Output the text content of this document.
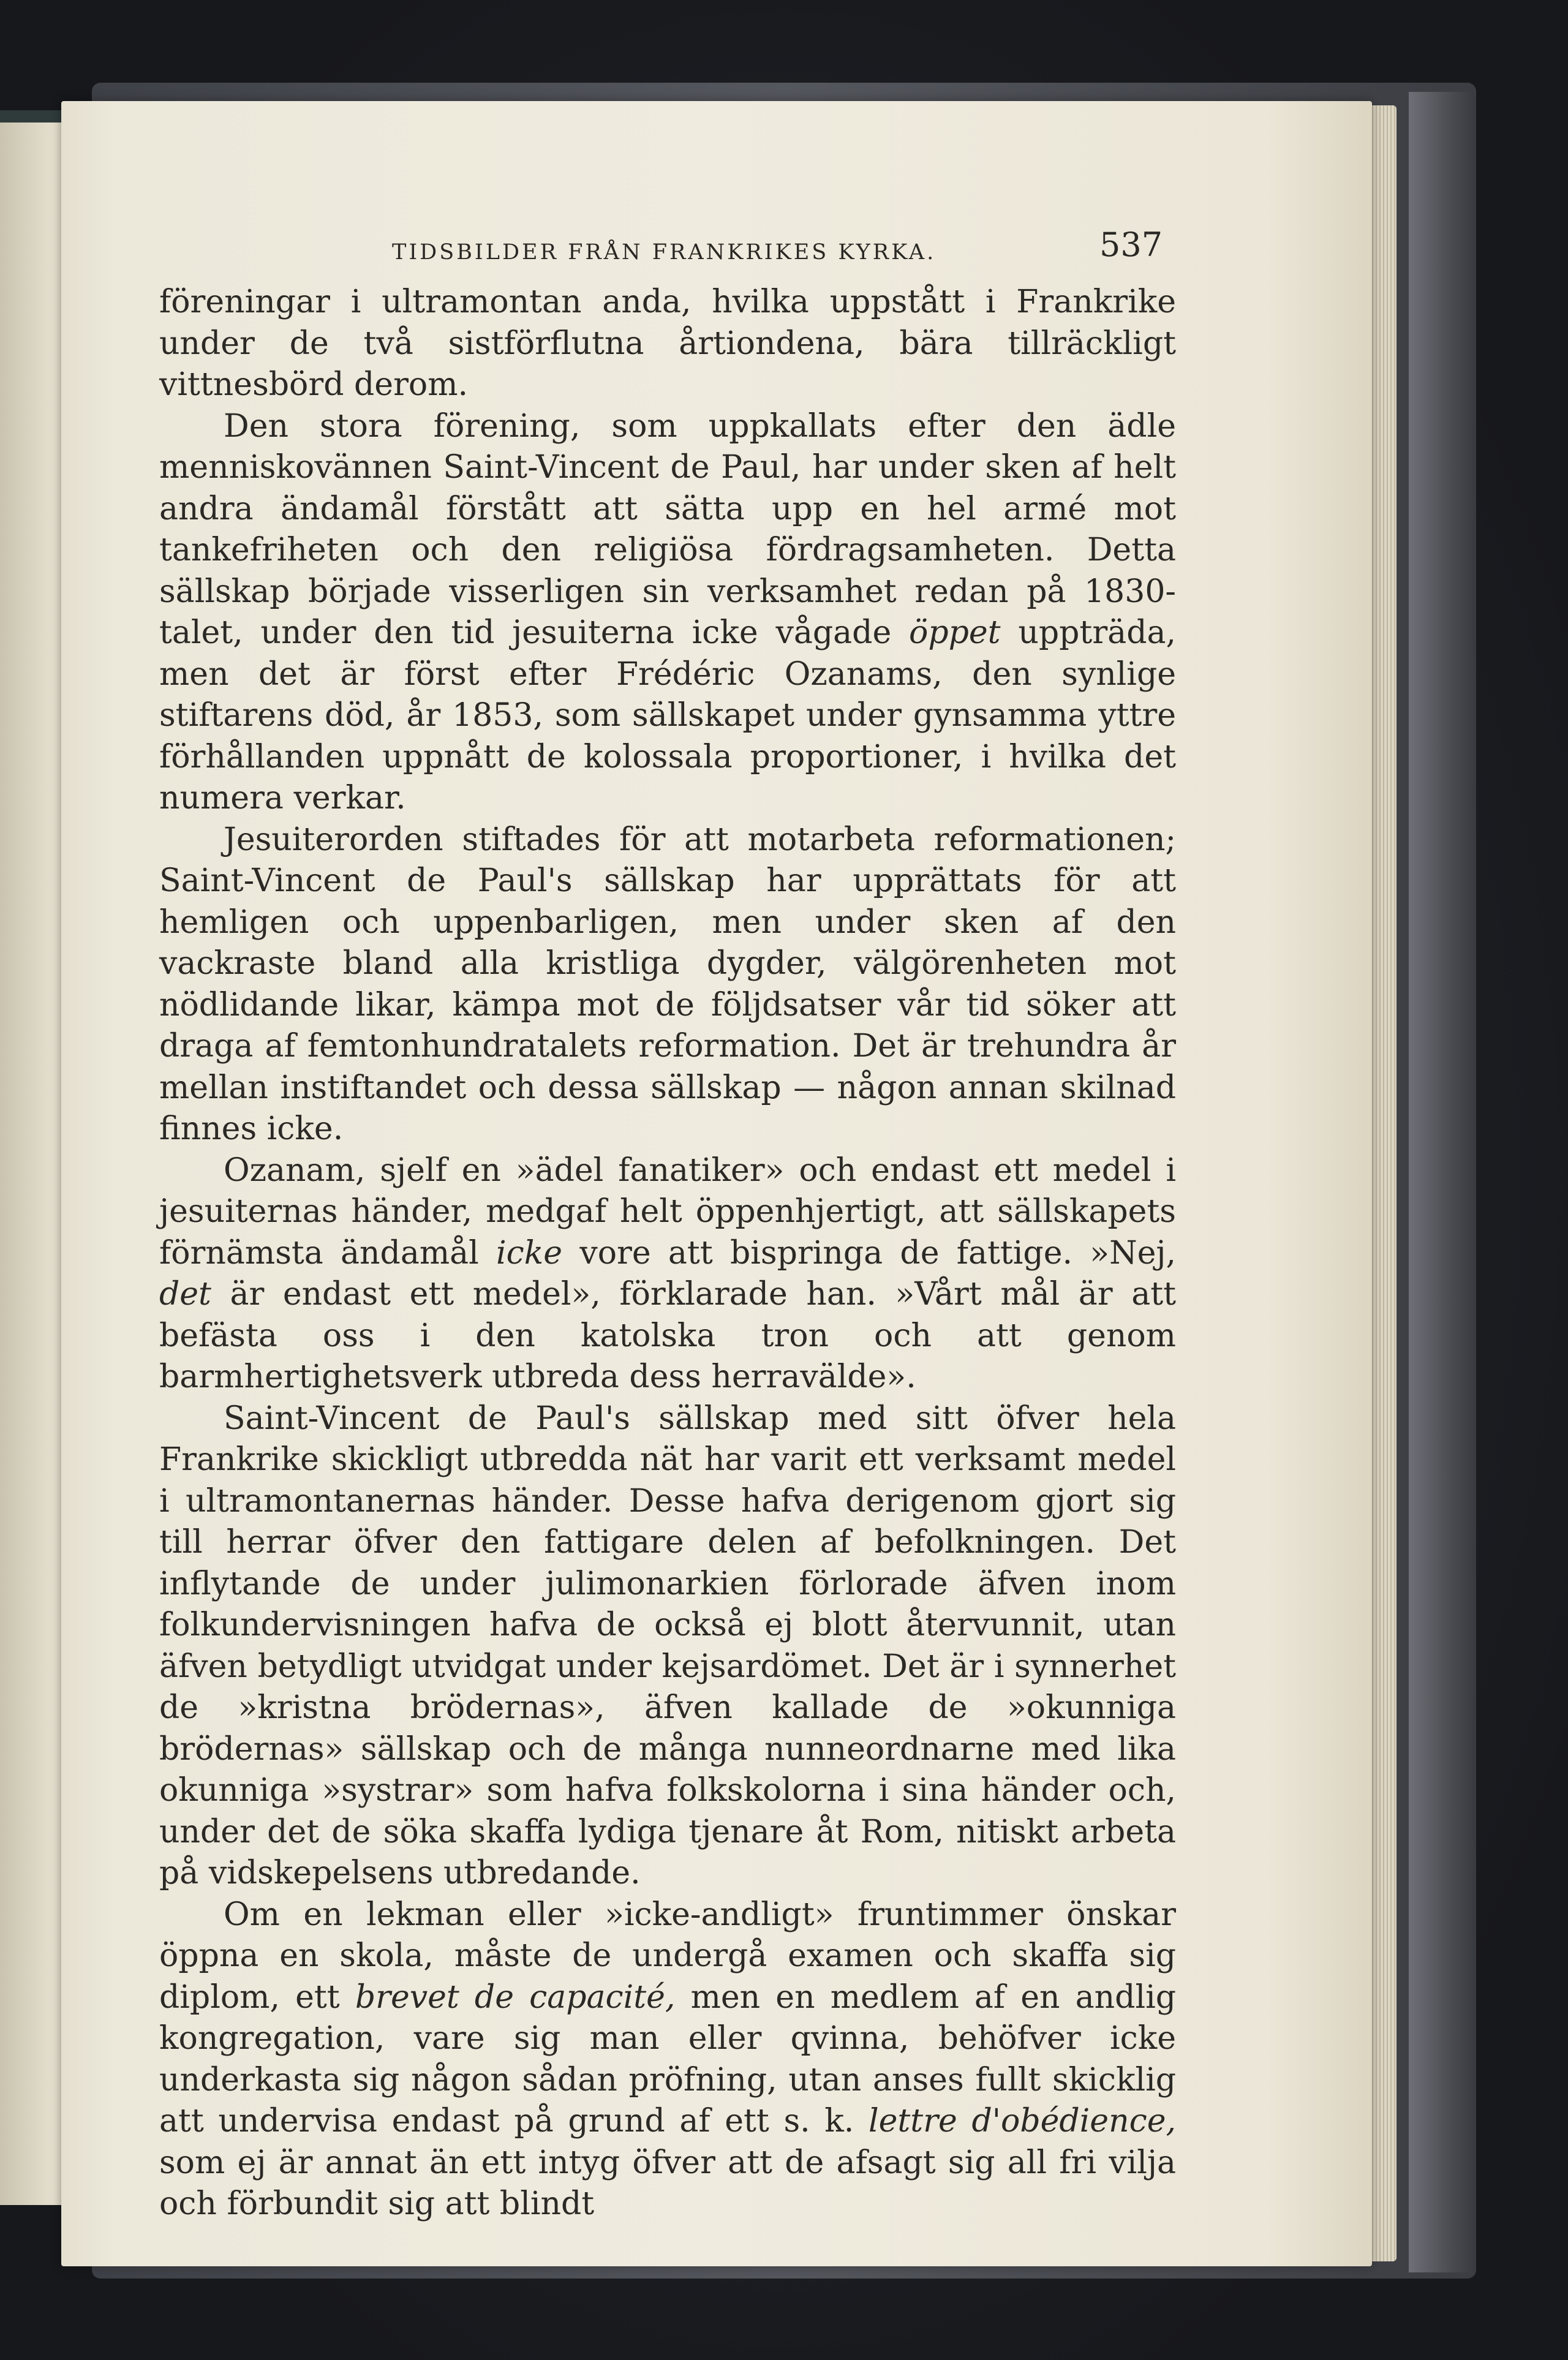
TIDSBILDER FRÅN FRANKRIKES KYRKA.	537

föreningar i ultramontan anda, hvilka uppstått i Frankrike under de två sistförflutna årtiondena, bära tillräckligt vittnesbörd derom.

Den stora förening, som uppkallats efter den ädle menniskovännen Saint-Vincent de Paul, har under sken af helt andra ändamål förstått att sätta upp en hel armé mot tankefriheten och den religiösa fördragsamheten. Detta sällskap började visserligen sin verksamhet redan på 1830-talet, under den tid jesuiterna icke vågade öppet uppträda, men det är först efter Frédéric Ozanams, den synlige stiftarens död, år 1853, som sällskapet under gynsamma yttre förhållanden uppnått de kolossala proportioner, i hvilka det numera verkar.

Jesuiterorden stiftades för att motarbeta reformationen; Saint-Vincent de Paul's sällskap har upprättats för att hemligen och uppenbarligen, men under sken af den vackraste bland alla kristliga dygder, välgörenheten mot nödlidande likar, kämpa mot de följdsatser vår tid söker att draga af femtonhundratalets reformation. Det är trehundra år mellan instiftandet och dessa sällskap — någon annan skilnad finnes icke.

Ozanam, sjelf en »ädel fanatiker» och endast ett medel i jesuiternas händer, medgaf helt öppenhjertigt, att sällskapets förnämsta ändamål icke vore att bispringa de fattige. »Nej, det är endast ett medel», förklarade han. »Vårt mål är att befästa oss i den katolska tron och att genom barmhertighetsverk utbreda dess herravälde».

Saint-Vincent de Paul's sällskap med sitt öfver hela Frankrike skickligt utbredda nät har varit ett verksamt medel i ultramontanernas händer. Desse hafva derigenom gjort sig till herrar öfver den fattigare delen af befolkningen. Det inflytande de under julimonarkien förlorade äfven inom folkundervisningen hafva de också ej blott återvunnit, utan äfven betydligt utvidgat under kejsardömet. Det är i synnerhet de »kristna brödernas», äfven kallade de »okunniga brödernas» sällskap och de många nunneordnarne med lika okunniga »systrar» som hafva folkskolorna i sina händer och, under det de söka skaffa lydiga tjenare åt Rom, nitiskt arbeta på vidskepelsens utbredande.

Om en lekman eller »icke-andligt» fruntimmer önskar öppna en skola, måste de undergå examen och skaffa sig diplom, ett brevet de capacité, men en medlem af en andlig kongregation, vare sig man eller qvinna, behöfver icke underkasta sig någon sådan pröfning, utan anses fullt skicklig att undervisa endast på grund af ett s. k. lettre d'obédience, som ej är annat än ett intyg öfver att de afsagt sig all fri vilja och förbundit sig att blindt
